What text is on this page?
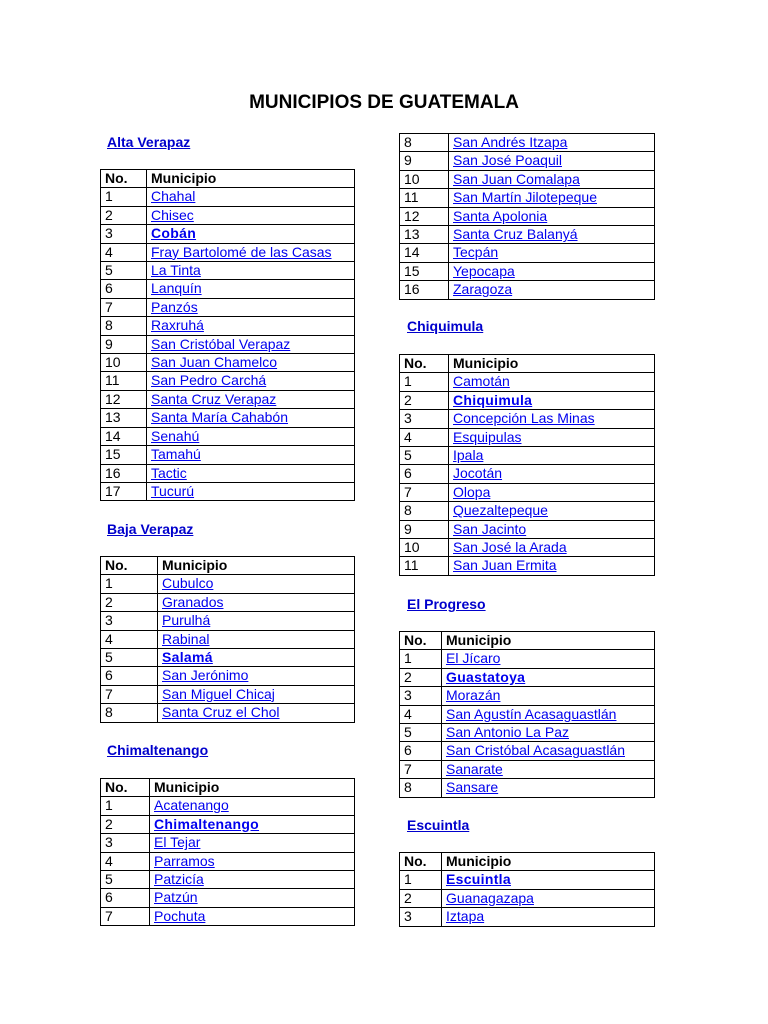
MUNICIPIOS DE GUATEMALA
Alta Verapaz
No.	Municipio
1	Chahal
2	Chisec
3	Cobán
4	Fray Bartolomé de las Casas
5	La Tinta
6	Lanquín
7	Panzós
8	Raxruhá
9	San Cristóbal Verapaz
10	San Juan Chamelco
11	San Pedro Carchá
12	Santa Cruz Verapaz
13	Santa María Cahabón
14	Senahú
15	Tamahú
16	Tactic
17	Tucurú
Baja Verapaz
No.	Municipio
1	Cubulco
2	Granados
3	Purulhá
4	Rabinal
5	Salamá
6	San Jerónimo
7	San Miguel Chicaj
8	Santa Cruz el Chol
Chimaltenango
No.	Municipio
1	Acatenango
2	Chimaltenango
3	El Tejar
4	Parramos
5	Patzicía
6	Patzún
7	Pochuta
8	San Andrés Itzapa
9	San José Poaquil
10	San Juan Comalapa
11	San Martín Jilotepeque
12	Santa Apolonia
13	Santa Cruz Balanyá
14	Tecpán
15	Yepocapa
16	Zaragoza
Chiquimula
No.	Municipio
1	Camotán
2	Chiquimula
3	Concepción Las Minas
4	Esquipulas
5	Ipala
6	Jocotán
7	Olopa
8	Quezaltepeque
9	San Jacinto
10	San José la Arada
11	San Juan Ermita
El Progreso
No.	Municipio
1	El Jícaro
2	Guastatoya
3	Morazán
4	San Agustín Acasaguastlán
5	San Antonio La Paz
6	San Cristóbal Acasaguastlán
7	Sanarate
8	Sansare
Escuintla
No.	Municipio
1	Escuintla
2	Guanagazapa
3	Iztapa
